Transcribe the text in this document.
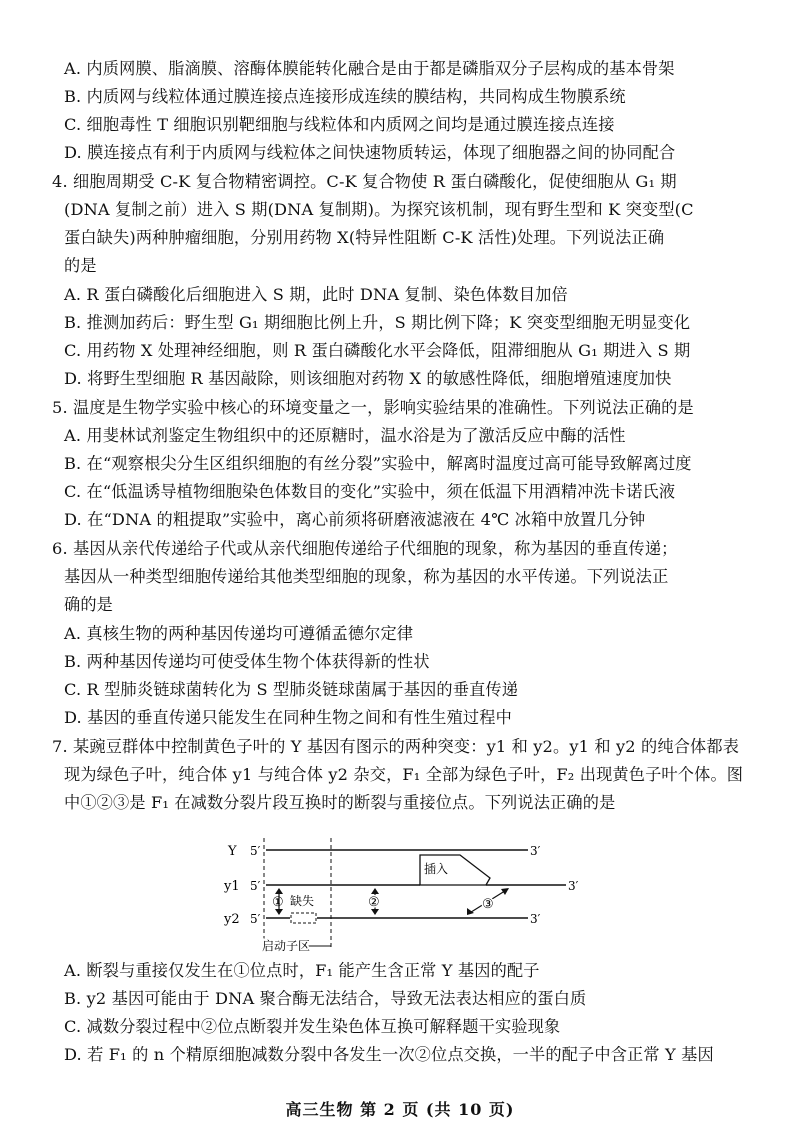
A. 内质网膜、脂滴膜、溶酶体膜能转化融合是由于都是磷脂双分子层构成的基本骨架
B. 内质网与线粒体通过膜连接点连接形成连续的膜结构，共同构成生物膜系统
C. 细胞毒性 T 细胞识别靶细胞与线粒体和内质网之间均是通过膜连接点连接
D. 膜连接点有利于内质网与线粒体之间快速物质转运，体现了细胞器之间的协同配合
4. 细胞周期受 C-K 复合物精密调控。C-K 复合物使 R 蛋白磷酸化，促使细胞从 G₁ 期
(DNA 复制之前）进入 S 期(DNA 复制期)。为探究该机制，现有野生型和 K 突变型(C
蛋白缺失)两种肿瘤细胞，分别用药物 X(特异性阻断 C-K 活性)处理。下列说法正确
的是
A. R 蛋白磷酸化后细胞进入 S 期，此时 DNA 复制、染色体数目加倍
B. 推测加药后：野生型 G₁ 期细胞比例上升，S 期比例下降；K 突变型细胞无明显变化
C. 用药物 X 处理神经细胞，则 R 蛋白磷酸化水平会降低，阻滞细胞从 G₁ 期进入 S 期
D. 将野生型细胞 R 基因敲除，则该细胞对药物 X 的敏感性降低，细胞增殖速度加快
5. 温度是生物学实验中核心的环境变量之一，影响实验结果的准确性。下列说法正确的是
A. 用斐林试剂鉴定生物组织中的还原糖时，温水浴是为了激活反应中酶的活性
B. 在“观察根尖分生区组织细胞的有丝分裂”实验中，解离时温度过高可能导致解离过度
C. 在“低温诱导植物细胞染色体数目的变化”实验中，须在低温下用酒精冲洗卡诺氏液
D. 在“DNA 的粗提取”实验中，离心前须将研磨液滤液在 4℃ 冰箱中放置几分钟
6. 基因从亲代传递给子代或从亲代细胞传递给子代细胞的现象，称为基因的垂直传递；
基因从一种类型细胞传递给其他类型细胞的现象，称为基因的水平传递。下列说法正
确的是
A. 真核生物的两种基因传递均可遵循孟德尔定律
B. 两种基因传递均可使受体生物个体获得新的性状
C. R 型肺炎链球菌转化为 S 型肺炎链球菌属于基因的垂直传递
D. 基因的垂直传递只能发生在同种生物之间和有性生殖过程中
7. 某豌豆群体中控制黄色子叶的 Y 基因有图示的两种突变：y1 和 y2。y1 和 y2 的纯合体都表
现为绿色子叶，纯合体 y1 与纯合体 y2 杂交，F₁ 全部为绿色子叶，F₂ 出现黄色子叶个体。图
中①②③是 F₁ 在减数分裂片段互换时的断裂与重接位点。下列说法正确的是
A. 断裂与重接仅发生在①位点时，F₁ 能产生含正常 Y 基因的配子
B. y2 基因可能由于 DNA 聚合酶无法结合，导致无法表达相应的蛋白质
C. 减数分裂过程中②位点断裂并发生染色体互换可解释题干实验现象
D. 若 F₁ 的 n 个精原细胞减数分裂中各发生一次②位点交换，一半的配子中含正常 Y 基因
Y
y1
y2
5′
5′
5′
3′
3′
3′
插入
启动子区
① 缺失	②	③
高三生物 第 2 页 (共 10 页)
